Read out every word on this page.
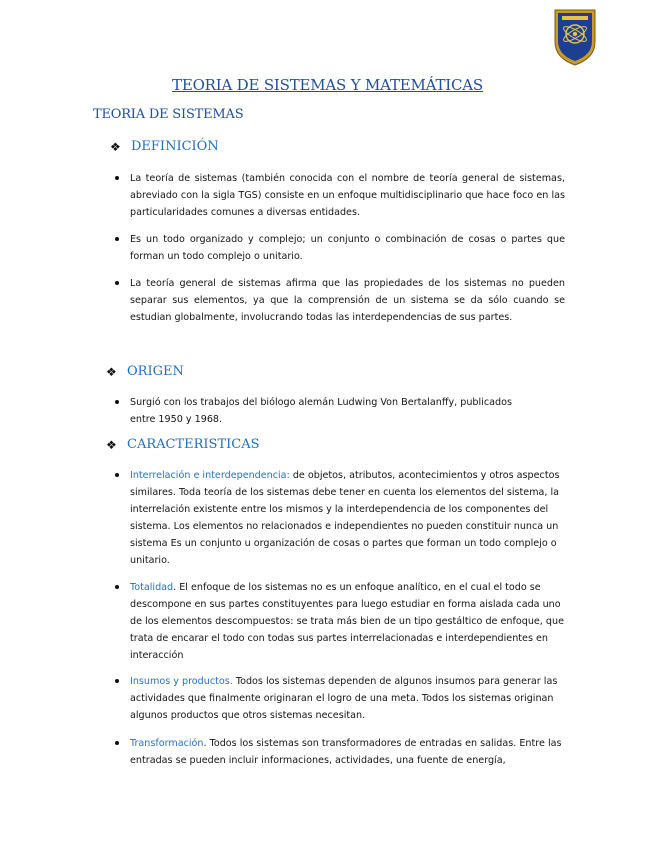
TEORIA DE SISTEMAS Y MATEMÁTICAS
TEORIA DE SISTEMAS
❖ DEFINICIÓN
La teoría de sistemas (también conocida con el nombre de teoría general de sistemas, abreviado con la sigla TGS) consiste en un enfoque multidisciplinario que hace foco en las particularidades comunes a diversas entidades.
Es un todo organizado y complejo; un conjunto o combinación de cosas o partes que forman un todo complejo o unitario.
La teoría general de sistemas afirma que las propiedades de los sistemas no pueden separar sus elementos, ya que la comprensión de un sistema se da sólo cuando se estudian globalmente, involucrando todas las interdependencias de sus partes.
❖ ORIGEN
Surgió con los trabajos del biólogo alemán Ludwing Von Bertalanffy, publicados entre 1950 y 1968.
❖ CARACTERISTICAS
Interrelación e interdependencia: de objetos, atributos, acontecimientos y otros aspectos similares. Toda teoría de los sistemas debe tener en cuenta los elementos del sistema, la interrelación existente entre los mismos y la interdependencia de los componentes del sistema. Los elementos no relacionados e independientes no pueden constituir nunca un sistema Es un conjunto u organización de cosas o partes que forman un todo complejo o unitario.
Totalidad. El enfoque de los sistemas no es un enfoque analítico, en el cual el todo se descompone en sus partes constituyentes para luego estudiar en forma aislada cada uno de los elementos descompuestos: se trata más bien de un tipo gestáltico de enfoque, que trata de encarar el todo con todas sus partes interrelacionadas e interdependientes en interacción
Insumos y productos. Todos los sistemas dependen de algunos insumos para generar las actividades que finalmente originaran el logro de una meta. Todos los sistemas originan algunos productos que otros sistemas necesitan.
Transformación. Todos los sistemas son transformadores de entradas en salidas. Entre las entradas se pueden incluir informaciones, actividades, una fuente de energía,
